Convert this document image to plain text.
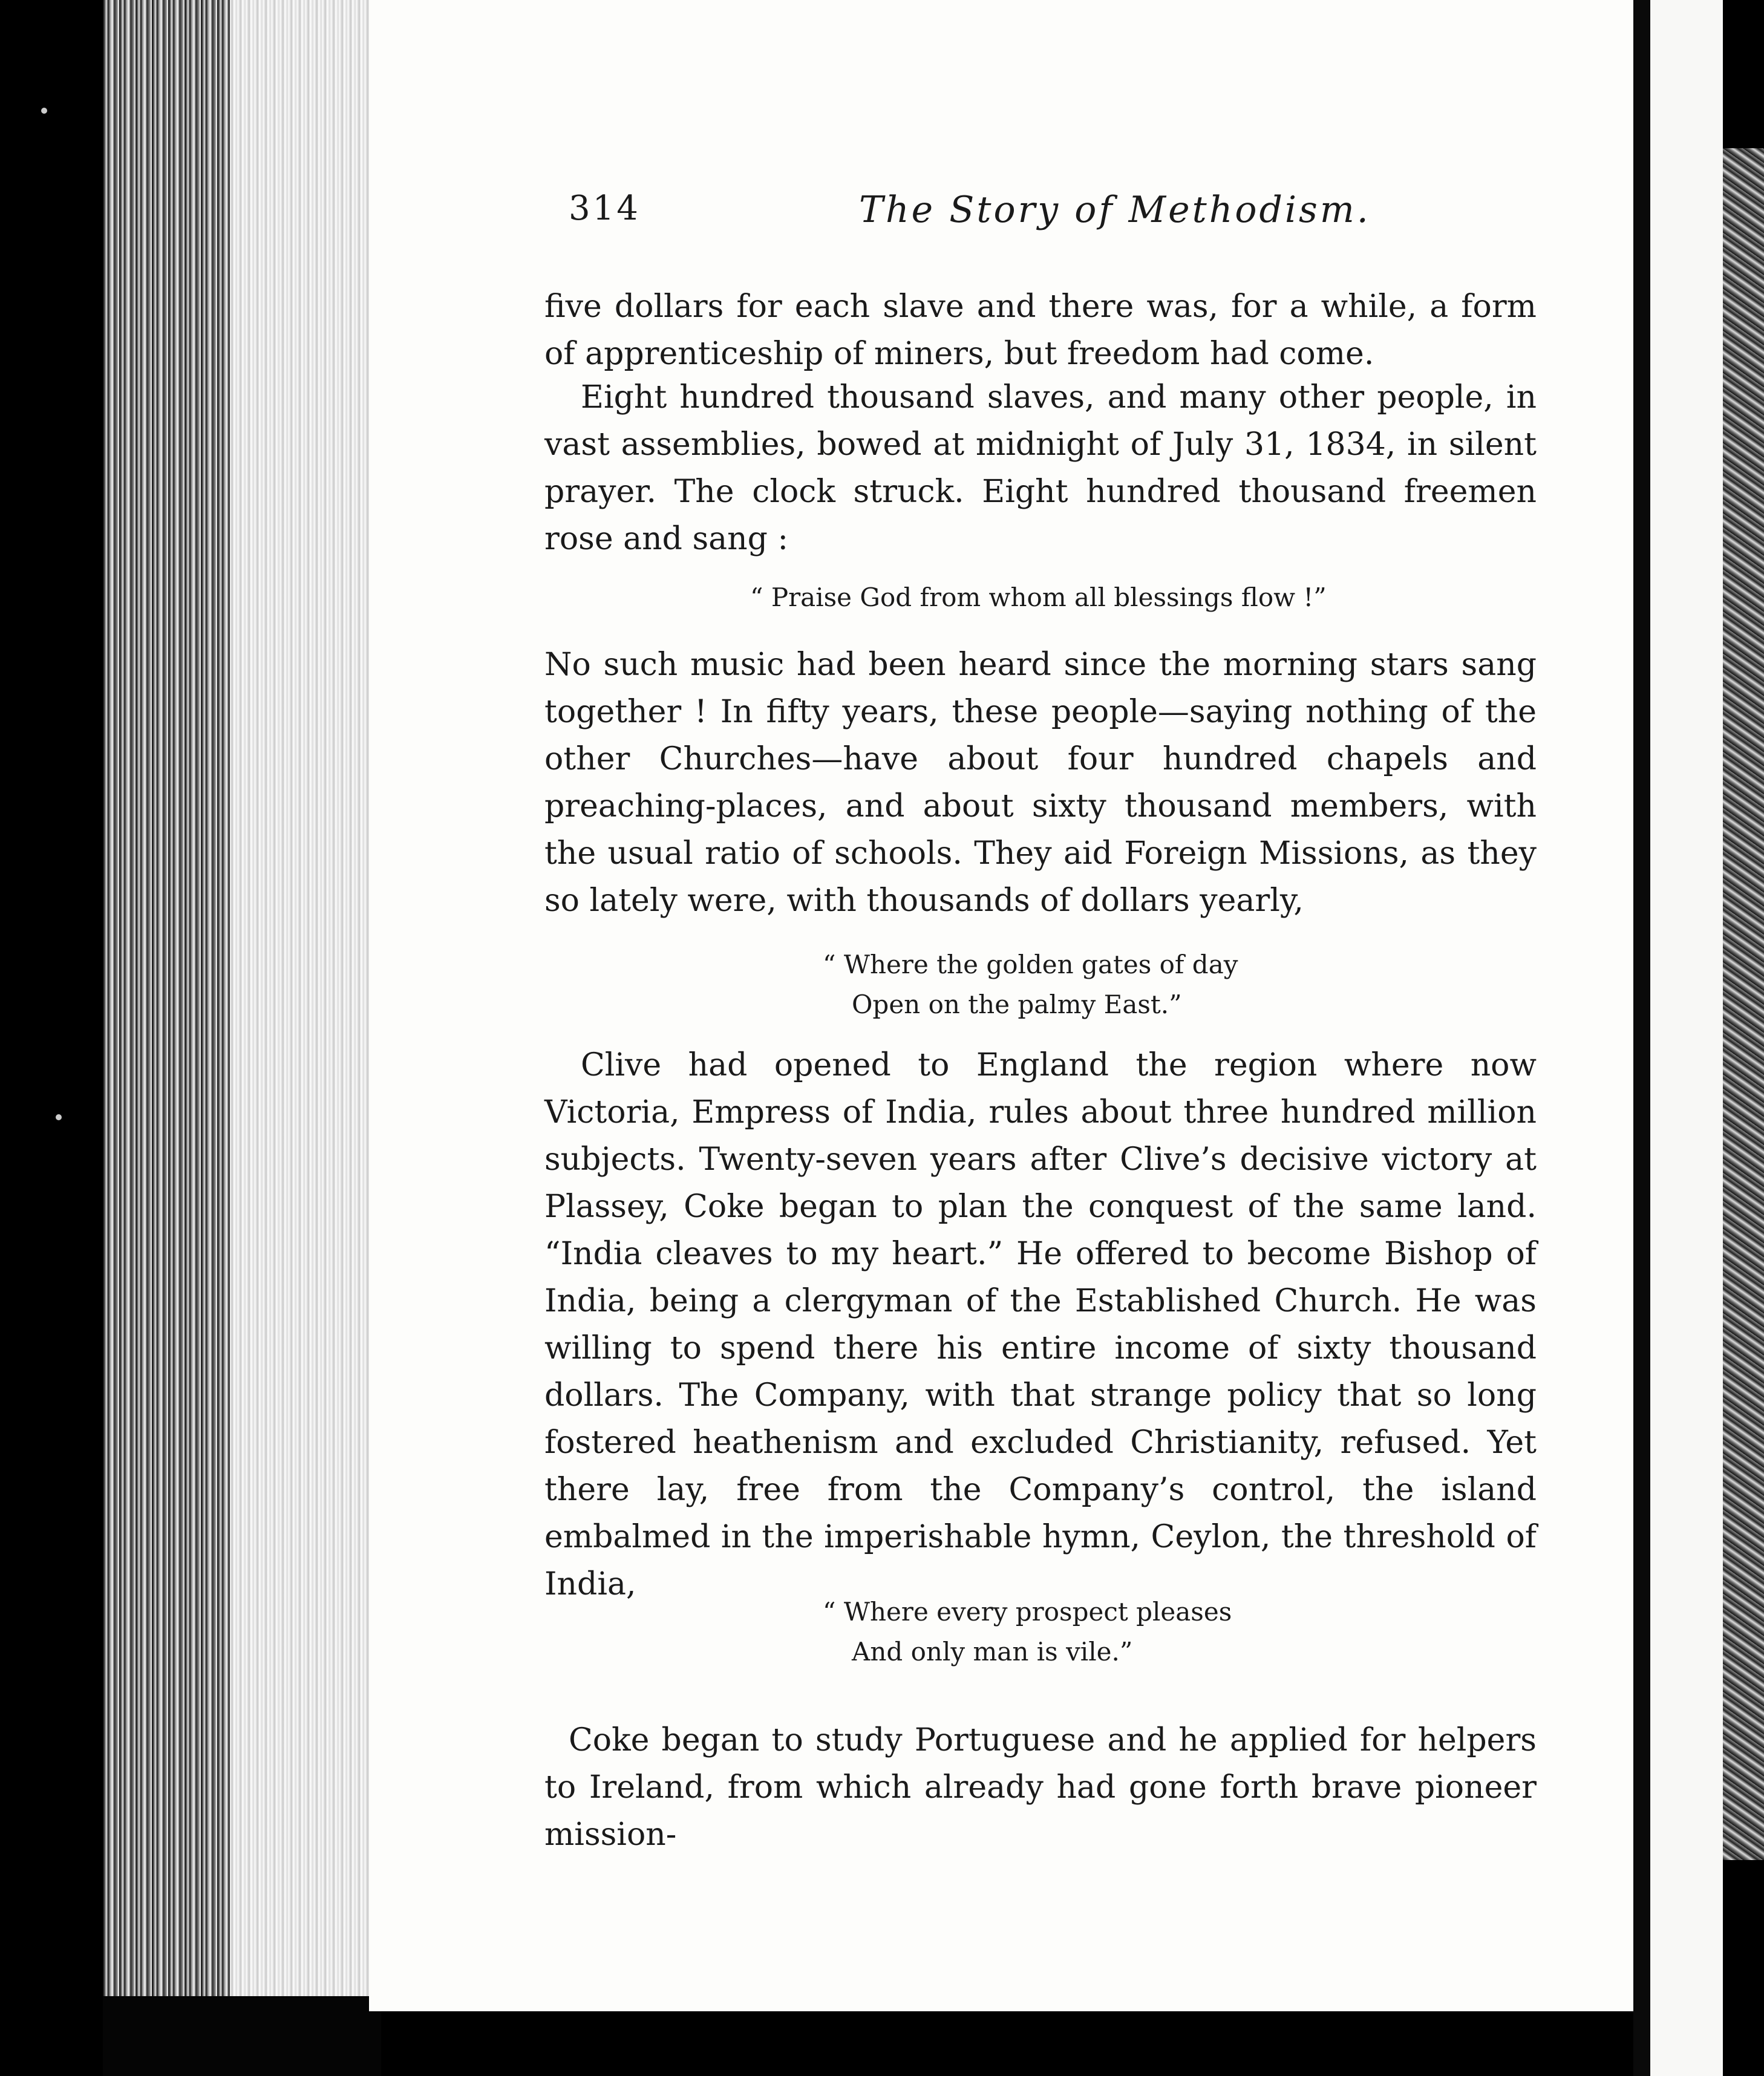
314	The Story of Methodism.

five dollars for each slave and there was, for a while, a form of apprenticeship of miners, but freedom had come.

Eight hundred thousand slaves, and many other people, in vast assemblies, bowed at midnight of July 31, 1834, in silent prayer. The clock struck. Eight hundred thousand freemen rose and sang :

“ Praise God from whom all blessings flow !”

No such music had been heard since the morning stars sang together ! In fifty years, these people—saying nothing of the other Churches—have about four hundred chapels and preaching-places, and about sixty thousand members, with the usual ratio of schools. They aid Foreign Missions, as they so lately were, with thousands of dollars yearly,

“ Where the golden gates of day
Open on the palmy East.”

Clive had opened to England the region where now Victoria, Empress of India, rules about three hundred million subjects. Twenty-seven years after Clive’s decisive victory at Plassey, Coke began to plan the conquest of the same land. “India cleaves to my heart.” He offered to become Bishop of India, being a clergyman of the Established Church. He was willing to spend there his entire income of sixty thousand dollars. The Company, with that strange policy that so long fostered heathenism and excluded Christianity, refused. Yet there lay, free from the Company’s control, the island embalmed in the imperishable hymn, Ceylon, the threshold of India,

“ Where every prospect pleases
And only man is vile.”

Coke began to study Portuguese and he applied for helpers to Ireland, from which already had gone forth brave pioneer mission-
